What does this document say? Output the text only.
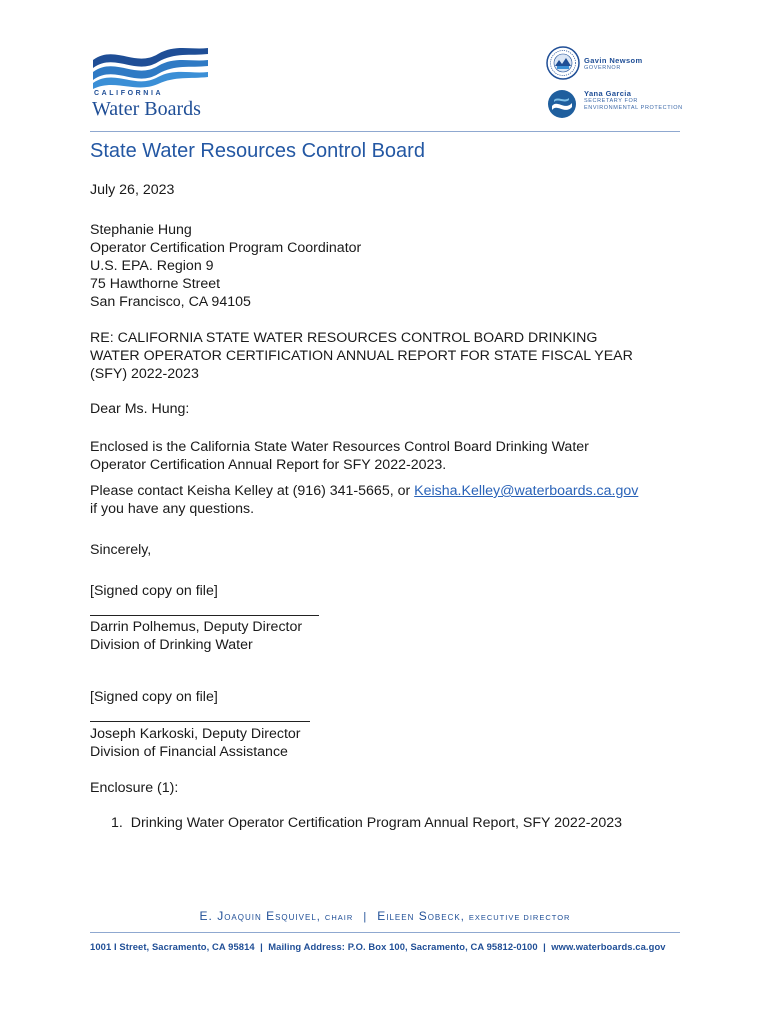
CALIFORNIA
Water Boards
Gavin Newsom
GOVERNOR
Yana Garcia
SECRETARY FOR
ENVIRONMENTAL PROTECTION
State Water Resources Control Board
July 26, 2023
Stephanie Hung
Operator Certification Program Coordinator
U.S. EPA. Region 9
75 Hawthorne Street
San Francisco, CA 94105
RE: CALIFORNIA STATE WATER RESOURCES CONTROL BOARD DRINKING
WATER OPERATOR CERTIFICATION ANNUAL REPORT FOR STATE FISCAL YEAR
(SFY) 2022-2023
Dear Ms. Hung:
Enclosed is the California State Water Resources Control Board Drinking Water
Operator Certification Annual Report for SFY 2022-2023.
Please contact Keisha Kelley at (916) 341-5665, or Keisha.Kelley@waterboards.ca.gov
if you have any questions.
Sincerely,
[Signed copy on file]
Darrin Polhemus, Deputy Director
Division of Drinking Water
[Signed copy on file]
Joseph Karkoski, Deputy Director
Division of Financial Assistance
Enclosure (1):
1.  Drinking Water Operator Certification Program Annual Report, SFY 2022-2023
E. Joaquin Esquivel, CHAIR | Eileen Sobeck, EXECUTIVE DIRECTOR
1001 I Street, Sacramento, CA 95814  |  Mailing Address: P.O. Box 100, Sacramento, CA 95812-0100  |  www.waterboards.ca.gov
